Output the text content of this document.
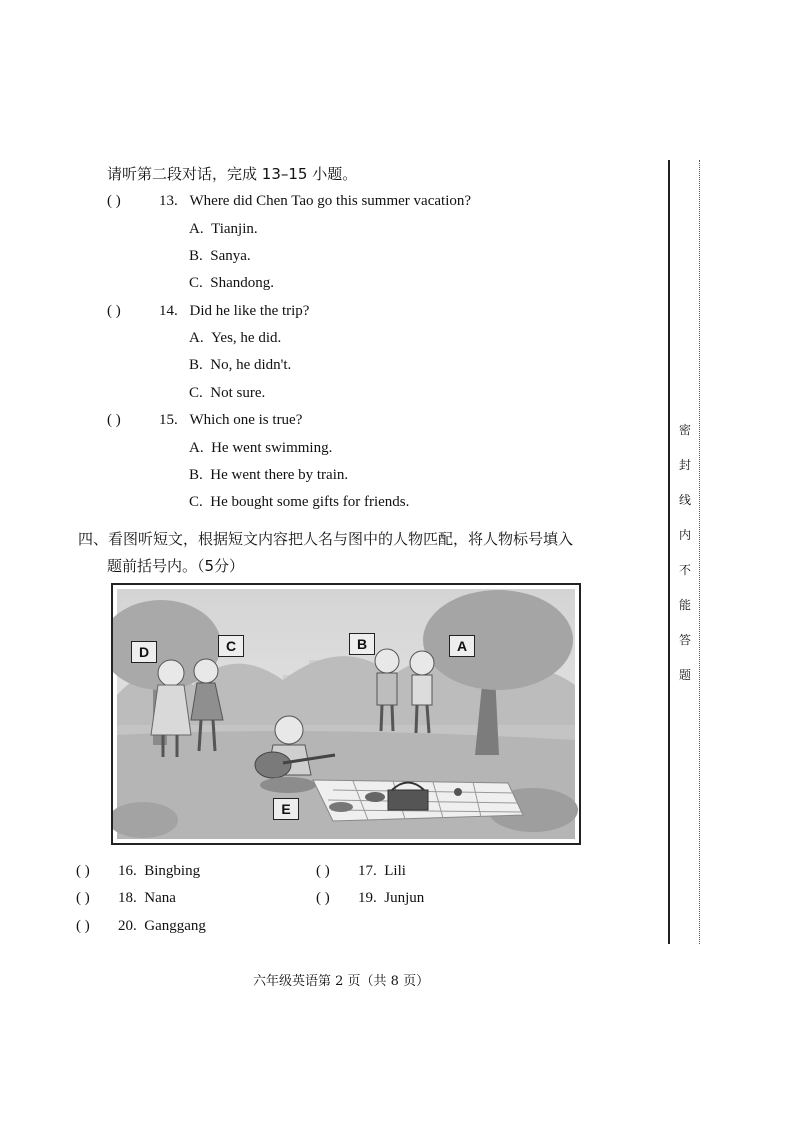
请听第二段对话，完成 13–15 小题。
( )	13. Where did Chen Tao go this summer vacation?
A. Tianjin.
B. Sanya.
C. Shandong.
( )	14. Did he like the trip?
A. Yes, he did.
B. No, he didn't.
C. Not sure.
( )	15. Which one is true?
A. He went swimming.
B. He went there by train.
C. He bought some gifts for friends.
四、看图听短文，根据短文内容把人名与图中的人物匹配，将人物标号填入
题前括号内。（5分）
A
B
C
D
E
( ) 16. Bingbing	( ) 17. Lili
( ) 18. Nana	( ) 19. Junjun
( ) 20. Ganggang
密
封
线
内
不
能
答
题
六年级英语第 2 页（共 8 页）
